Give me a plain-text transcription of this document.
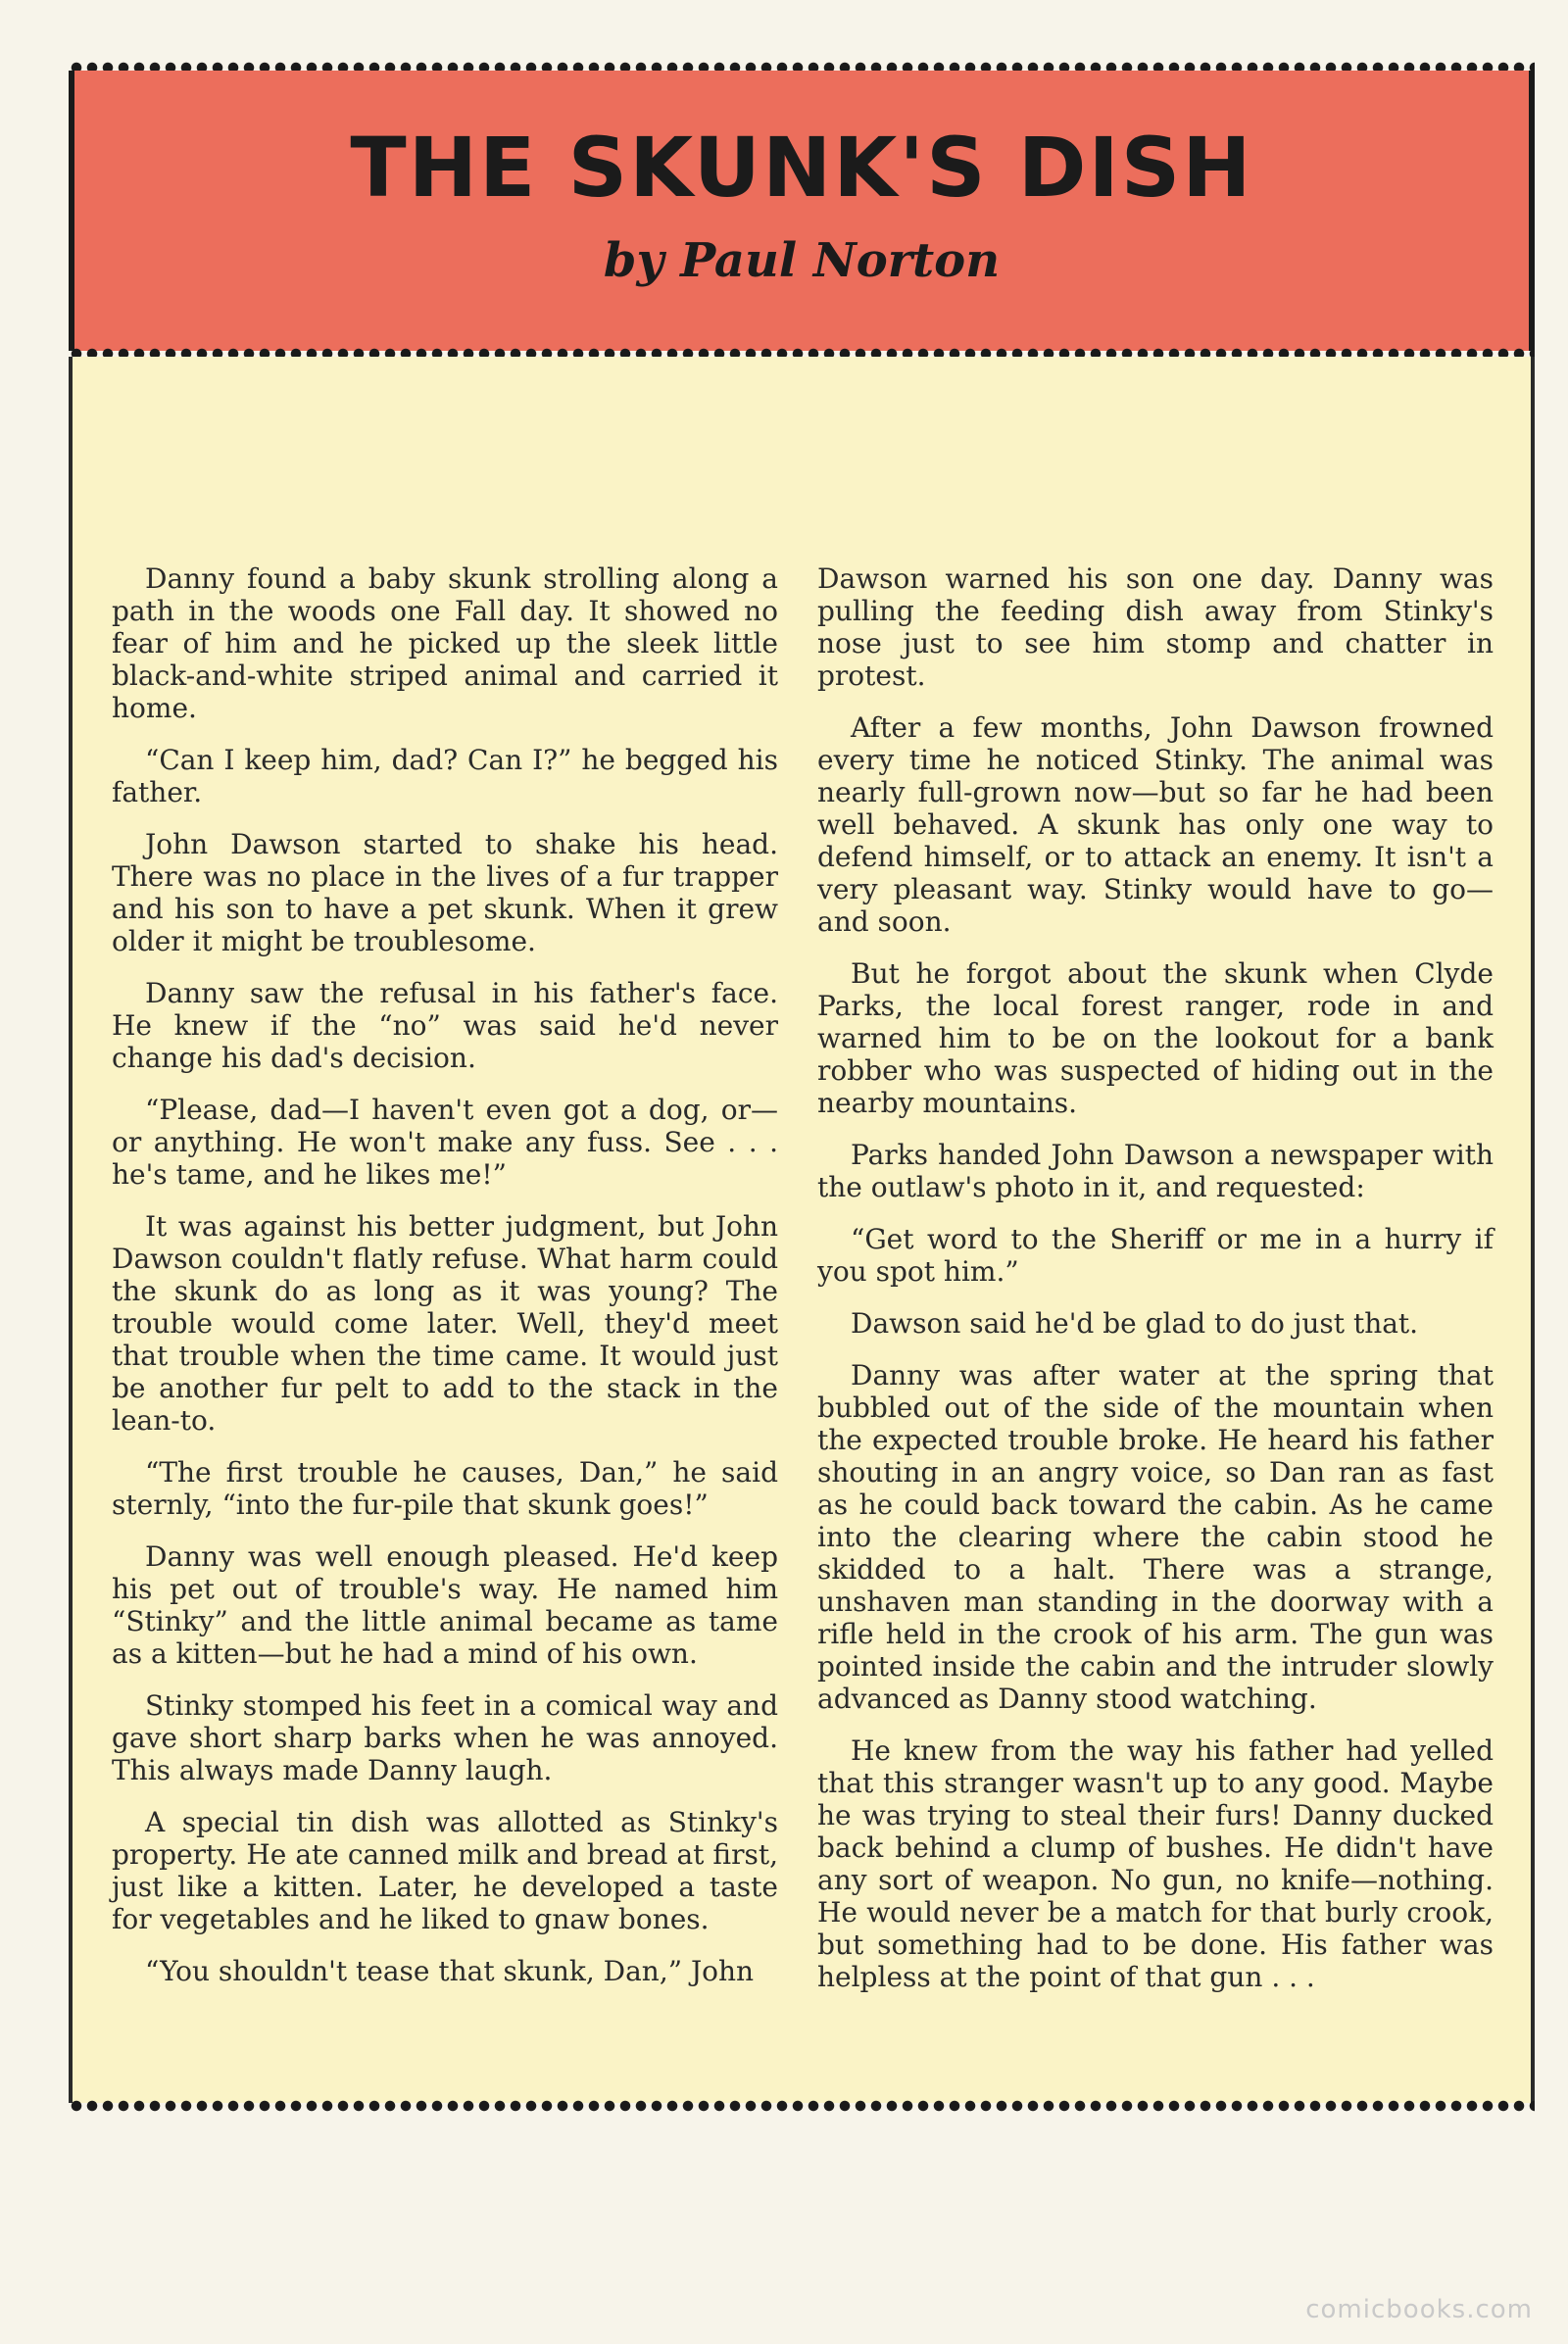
THE SKUNK'S DISH
by Paul Norton

Danny found a baby skunk strolling along a path in the woods one Fall day. It showed no fear of him and he picked up the sleek little black-and-white striped animal and carried it home.

“Can I keep him, dad? Can I?” he begged his father.

John Dawson started to shake his head. There was no place in the lives of a fur trapper and his son to have a pet skunk. When it grew older it might be troublesome.

Danny saw the refusal in his father's face. He knew if the “no” was said he'd never change his dad's decision.

“Please, dad—I haven't even got a dog, or—or anything. He won't make any fuss. See . . . he's tame, and he likes me!”

It was against his better judgment, but John Dawson couldn't flatly refuse. What harm could the skunk do as long as it was young? The trouble would come later. Well, they'd meet that trouble when the time came. It would just be another fur pelt to add to the stack in the lean-to.

“The first trouble he causes, Dan,” he said sternly, “into the fur-pile that skunk goes!”

Danny was well enough pleased. He'd keep his pet out of trouble's way. He named him “Stinky” and the little animal became as tame as a kitten—but he had a mind of his own.

Stinky stomped his feet in a comical way and gave short sharp barks when he was annoyed. This always made Danny laugh.

A special tin dish was allotted as Stinky's property. He ate canned milk and bread at first, just like a kitten. Later, he developed a taste for vegetables and he liked to gnaw bones.

“You shouldn't tease that skunk, Dan,” John

Dawson warned his son one day. Danny was pulling the feeding dish away from Stinky's nose just to see him stomp and chatter in protest.

After a few months, John Dawson frowned every time he noticed Stinky. The animal was nearly full-grown now—but so far he had been well behaved. A skunk has only one way to defend himself, or to attack an enemy. It isn't a very pleasant way. Stinky would have to go—and soon.

But he forgot about the skunk when Clyde Parks, the local forest ranger, rode in and warned him to be on the lookout for a bank robber who was suspected of hiding out in the nearby mountains.

Parks handed John Dawson a newspaper with the outlaw's photo in it, and requested:

“Get word to the Sheriff or me in a hurry if you spot him.”

Dawson said he'd be glad to do just that.

Danny was after water at the spring that bubbled out of the side of the mountain when the expected trouble broke. He heard his father shouting in an angry voice, so Dan ran as fast as he could back toward the cabin. As he came into the clearing where the cabin stood he skidded to a halt. There was a strange, unshaven man standing in the doorway with a rifle held in the crook of his arm. The gun was pointed inside the cabin and the intruder slowly advanced as Danny stood watching.

He knew from the way his father had yelled that this stranger wasn't up to any good. Maybe he was trying to steal their furs! Danny ducked back behind a clump of bushes. He didn't have any sort of weapon. No gun, no knife—nothing. He would never be a match for that burly crook, but something had to be done. His father was helpless at the point of that gun . . .

comicbooks.com
